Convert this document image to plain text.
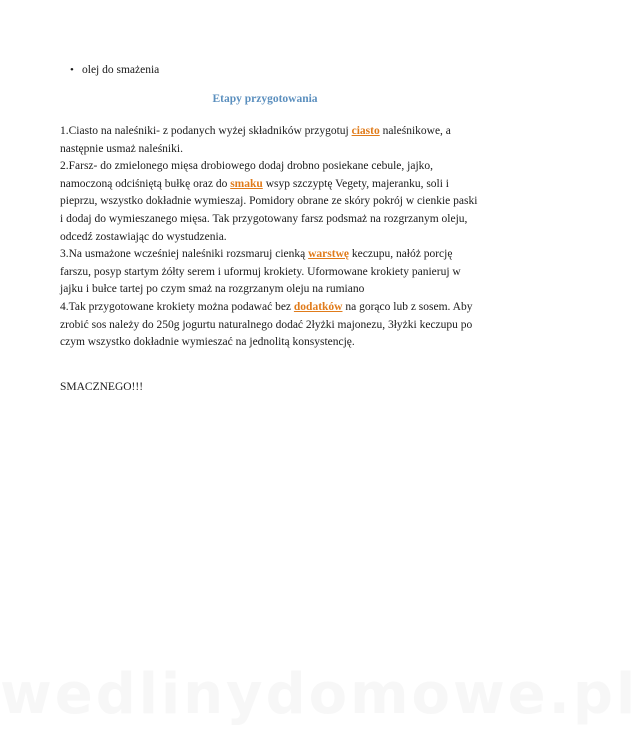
• olej do smażenia
Etapy przygotowania

1.Ciasto na naleśniki- z podanych wyżej składników przygotuj ciasto naleśnikowe, a następnie usmaż naleśniki.

2.Farsz- do zmielonego mięsa drobiowego dodaj drobno posiekane cebule, jajko, namoczoną odciśniętą bułkę oraz do smaku wsyp szczyptę Vegety, majeranku, soli i pieprzu, wszystko dokładnie wymieszaj. Pomidory obrane ze skóry pokrój w cienkie paski i dodaj do wymieszanego mięsa. Tak przygotowany farsz podsmaż na rozgrzanym oleju, odcedź zostawiając do wystudzenia.

3.Na usmażone wcześniej naleśniki rozsmaruj cienką warstwę keczupu, nałóż porcję farszu, posyp startym żółty serem i uformuj krokiety. Uformowane krokiety panieruj w jajku i bułce tartej po czym smaż na rozgrzanym oleju na rumiano

4.Tak przygotowane krokiety można podawać bez dodatków na gorąco lub z sosem. Aby zrobić sos należy do 250g jogurtu naturalnego dodać 2łyżki majonezu, 3łyżki keczupu po czym wszystko dokładnie wymieszać na jednolitą konsystencję.

SMACZNEGO!!!
wedlinydomowe.pl
